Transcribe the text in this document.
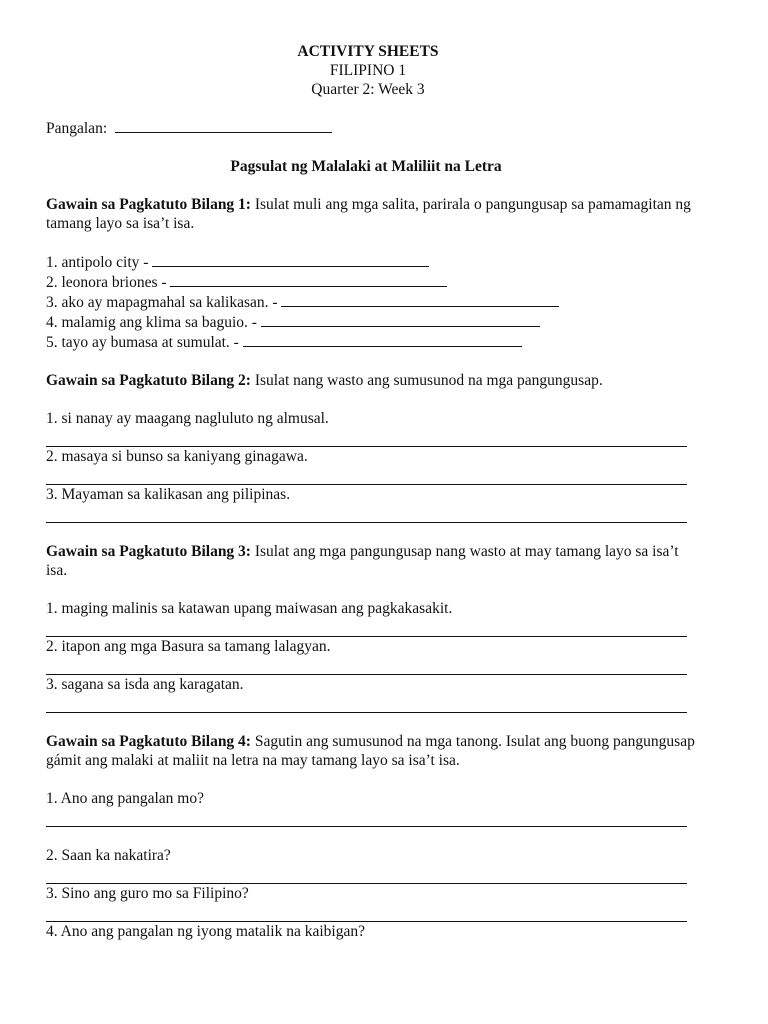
ACTIVITY SHEETS
FILIPINO 1
Quarter 2: Week 3
Pangalan:
Pagsulat ng Malalaki at Maliliit na Letra
Gawain sa Pagkatuto Bilang 1: Isulat muli ang mga salita, parirala o pangungusap sa pamamagitan ng tamang layo sa isa’t isa.
1. antipolo city -
2. leonora briones -
3. ako ay mapagmahal sa kalikasan. -
4. malamig ang klima sa baguio. -
5. tayo ay bumasa at sumulat. -
Gawain sa Pagkatuto Bilang 2: Isulat nang wasto ang sumusunod na mga pangungusap.
1. si nanay ay maagang nagluluto ng almusal.
2. masaya si bunso sa kaniyang ginagawa.
3. Mayaman sa kalikasan ang pilipinas.
Gawain sa Pagkatuto Bilang 3: Isulat ang mga pangungusap nang wasto at may tamang layo sa isa’t isa.
1. maging malinis sa katawan upang maiwasan ang pagkakasakit.
2. itapon ang mga Basura sa tamang lalagyan.
3. sagana sa isda ang karagatan.
Gawain sa Pagkatuto Bilang 4: Sagutin ang sumusunod na mga tanong. Isulat ang buong pangungusap gámit ang malaki at maliit na letra na may tamang layo sa isa’t isa.
1. Ano ang pangalan mo?
2. Saan ka nakatira?
3. Sino ang guro mo sa Filipino?
4. Ano ang pangalan ng iyong matalik na kaibigan?
